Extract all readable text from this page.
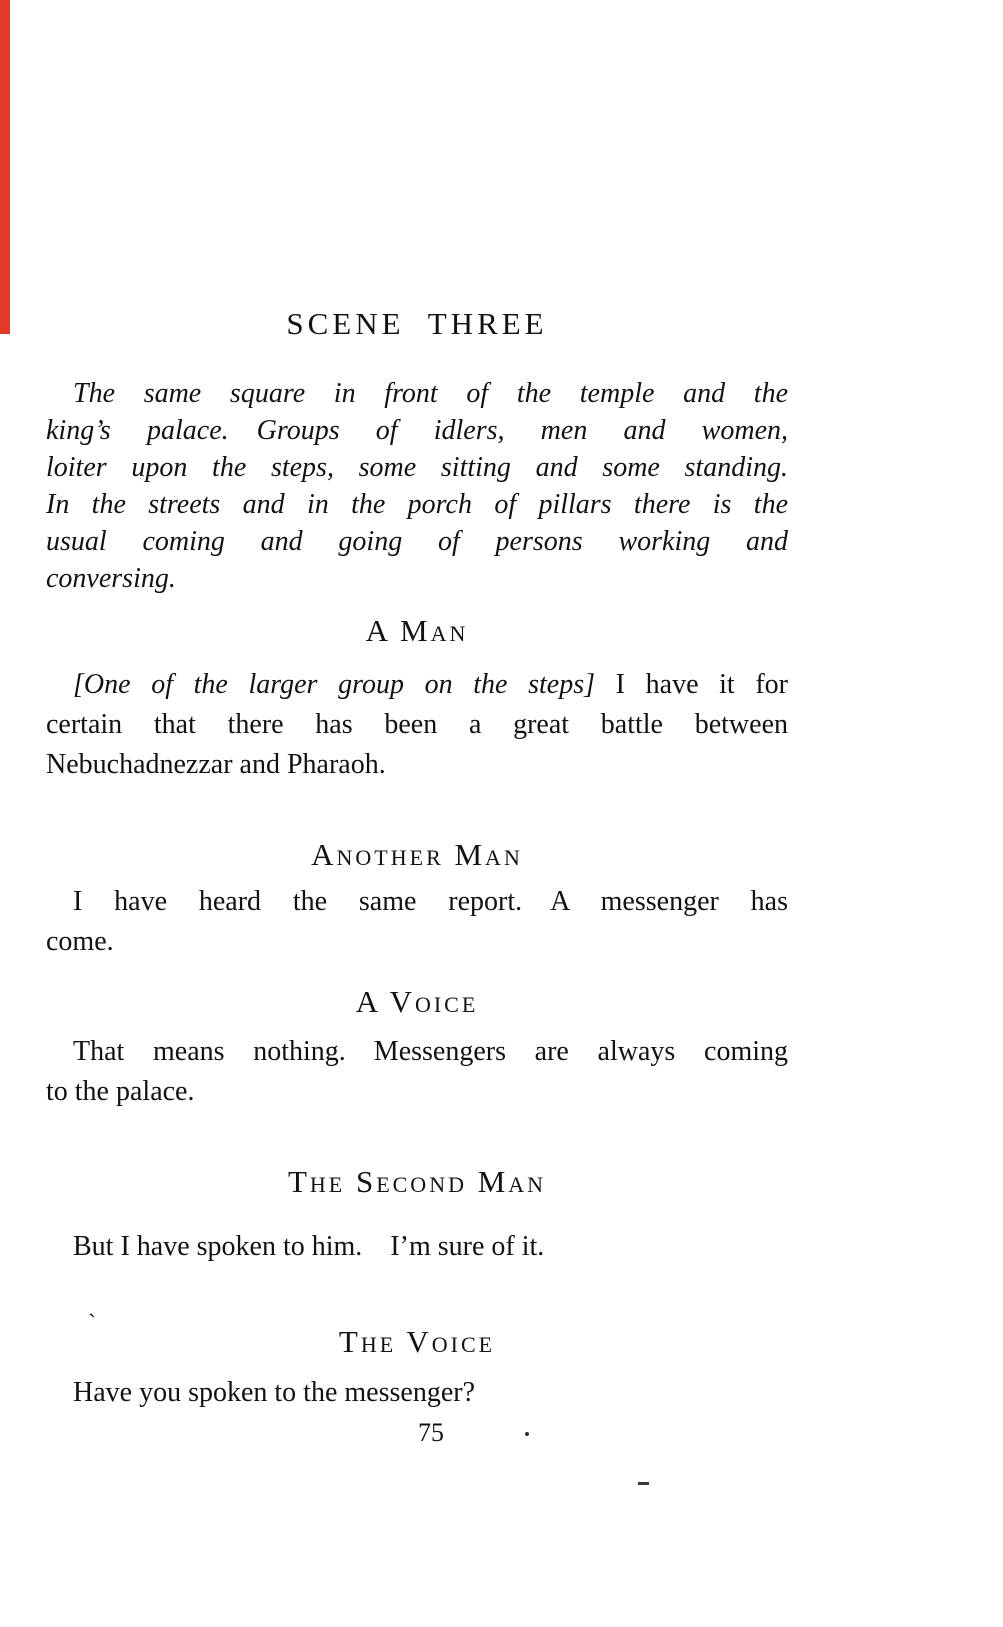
SCENE THREE
The same square in front of the temple and the
king’s palace. Groups of idlers, men and women,
loiter upon the steps, some sitting and some standing.
In the streets and in the porch of pillars there is the
usual coming and going of persons working and
conversing.
A Man
[One of the larger group on the steps] I have it for
certain that there has been a great battle between
Nebuchadnezzar and Pharaoh.
Another Man
I have heard the same report. A messenger has
come.
A Voice
That means nothing. Messengers are always coming
to the palace.
The Second Man
But I have spoken to him. I’m sure of it.
The Voice
Have you spoken to the messenger?
75
`
